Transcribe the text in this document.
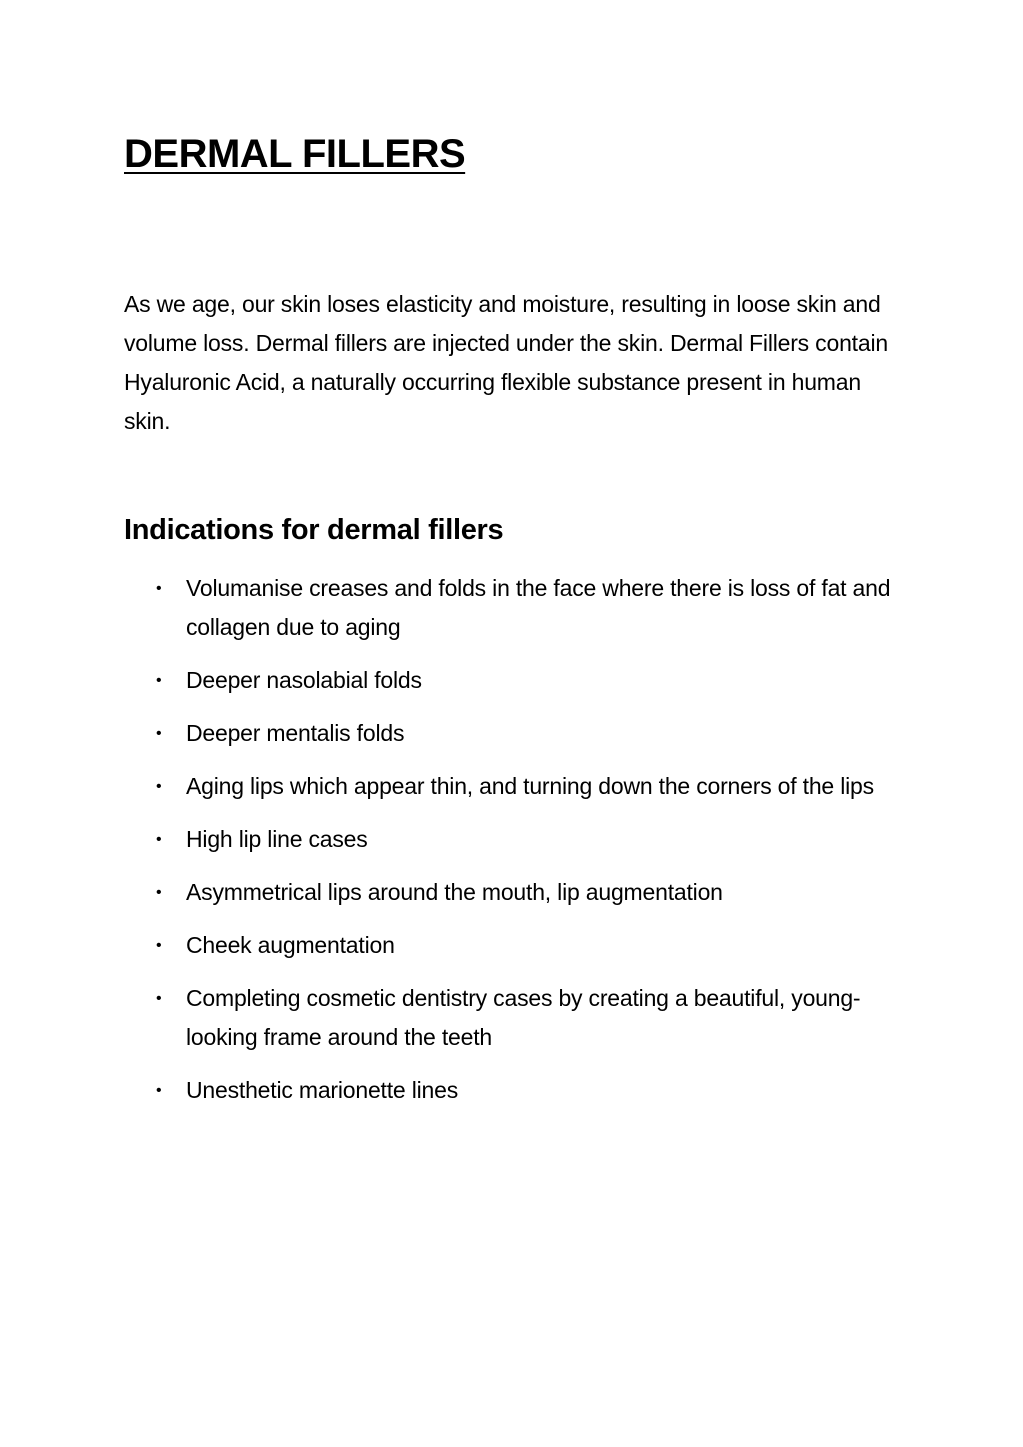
DERMAL FILLERS

As we age, our skin loses elasticity and moisture, resulting in loose skin and volume loss. Dermal fillers are injected under the skin. Dermal Fillers contain Hyaluronic Acid, a naturally occurring flexible substance present in human skin.

Indications for dermal fillers
• Volumanise creases and folds in the face where there is loss of fat and collagen due to aging
• Deeper nasolabial folds
• Deeper mentalis folds
• Aging lips which appear thin, and turning down the corners of the lips
• High lip line cases
• Asymmetrical lips around the mouth, lip augmentation
• Cheek augmentation
• Completing cosmetic dentistry cases by creating a beautiful, young-looking frame around the teeth
• Unesthetic marionette lines
